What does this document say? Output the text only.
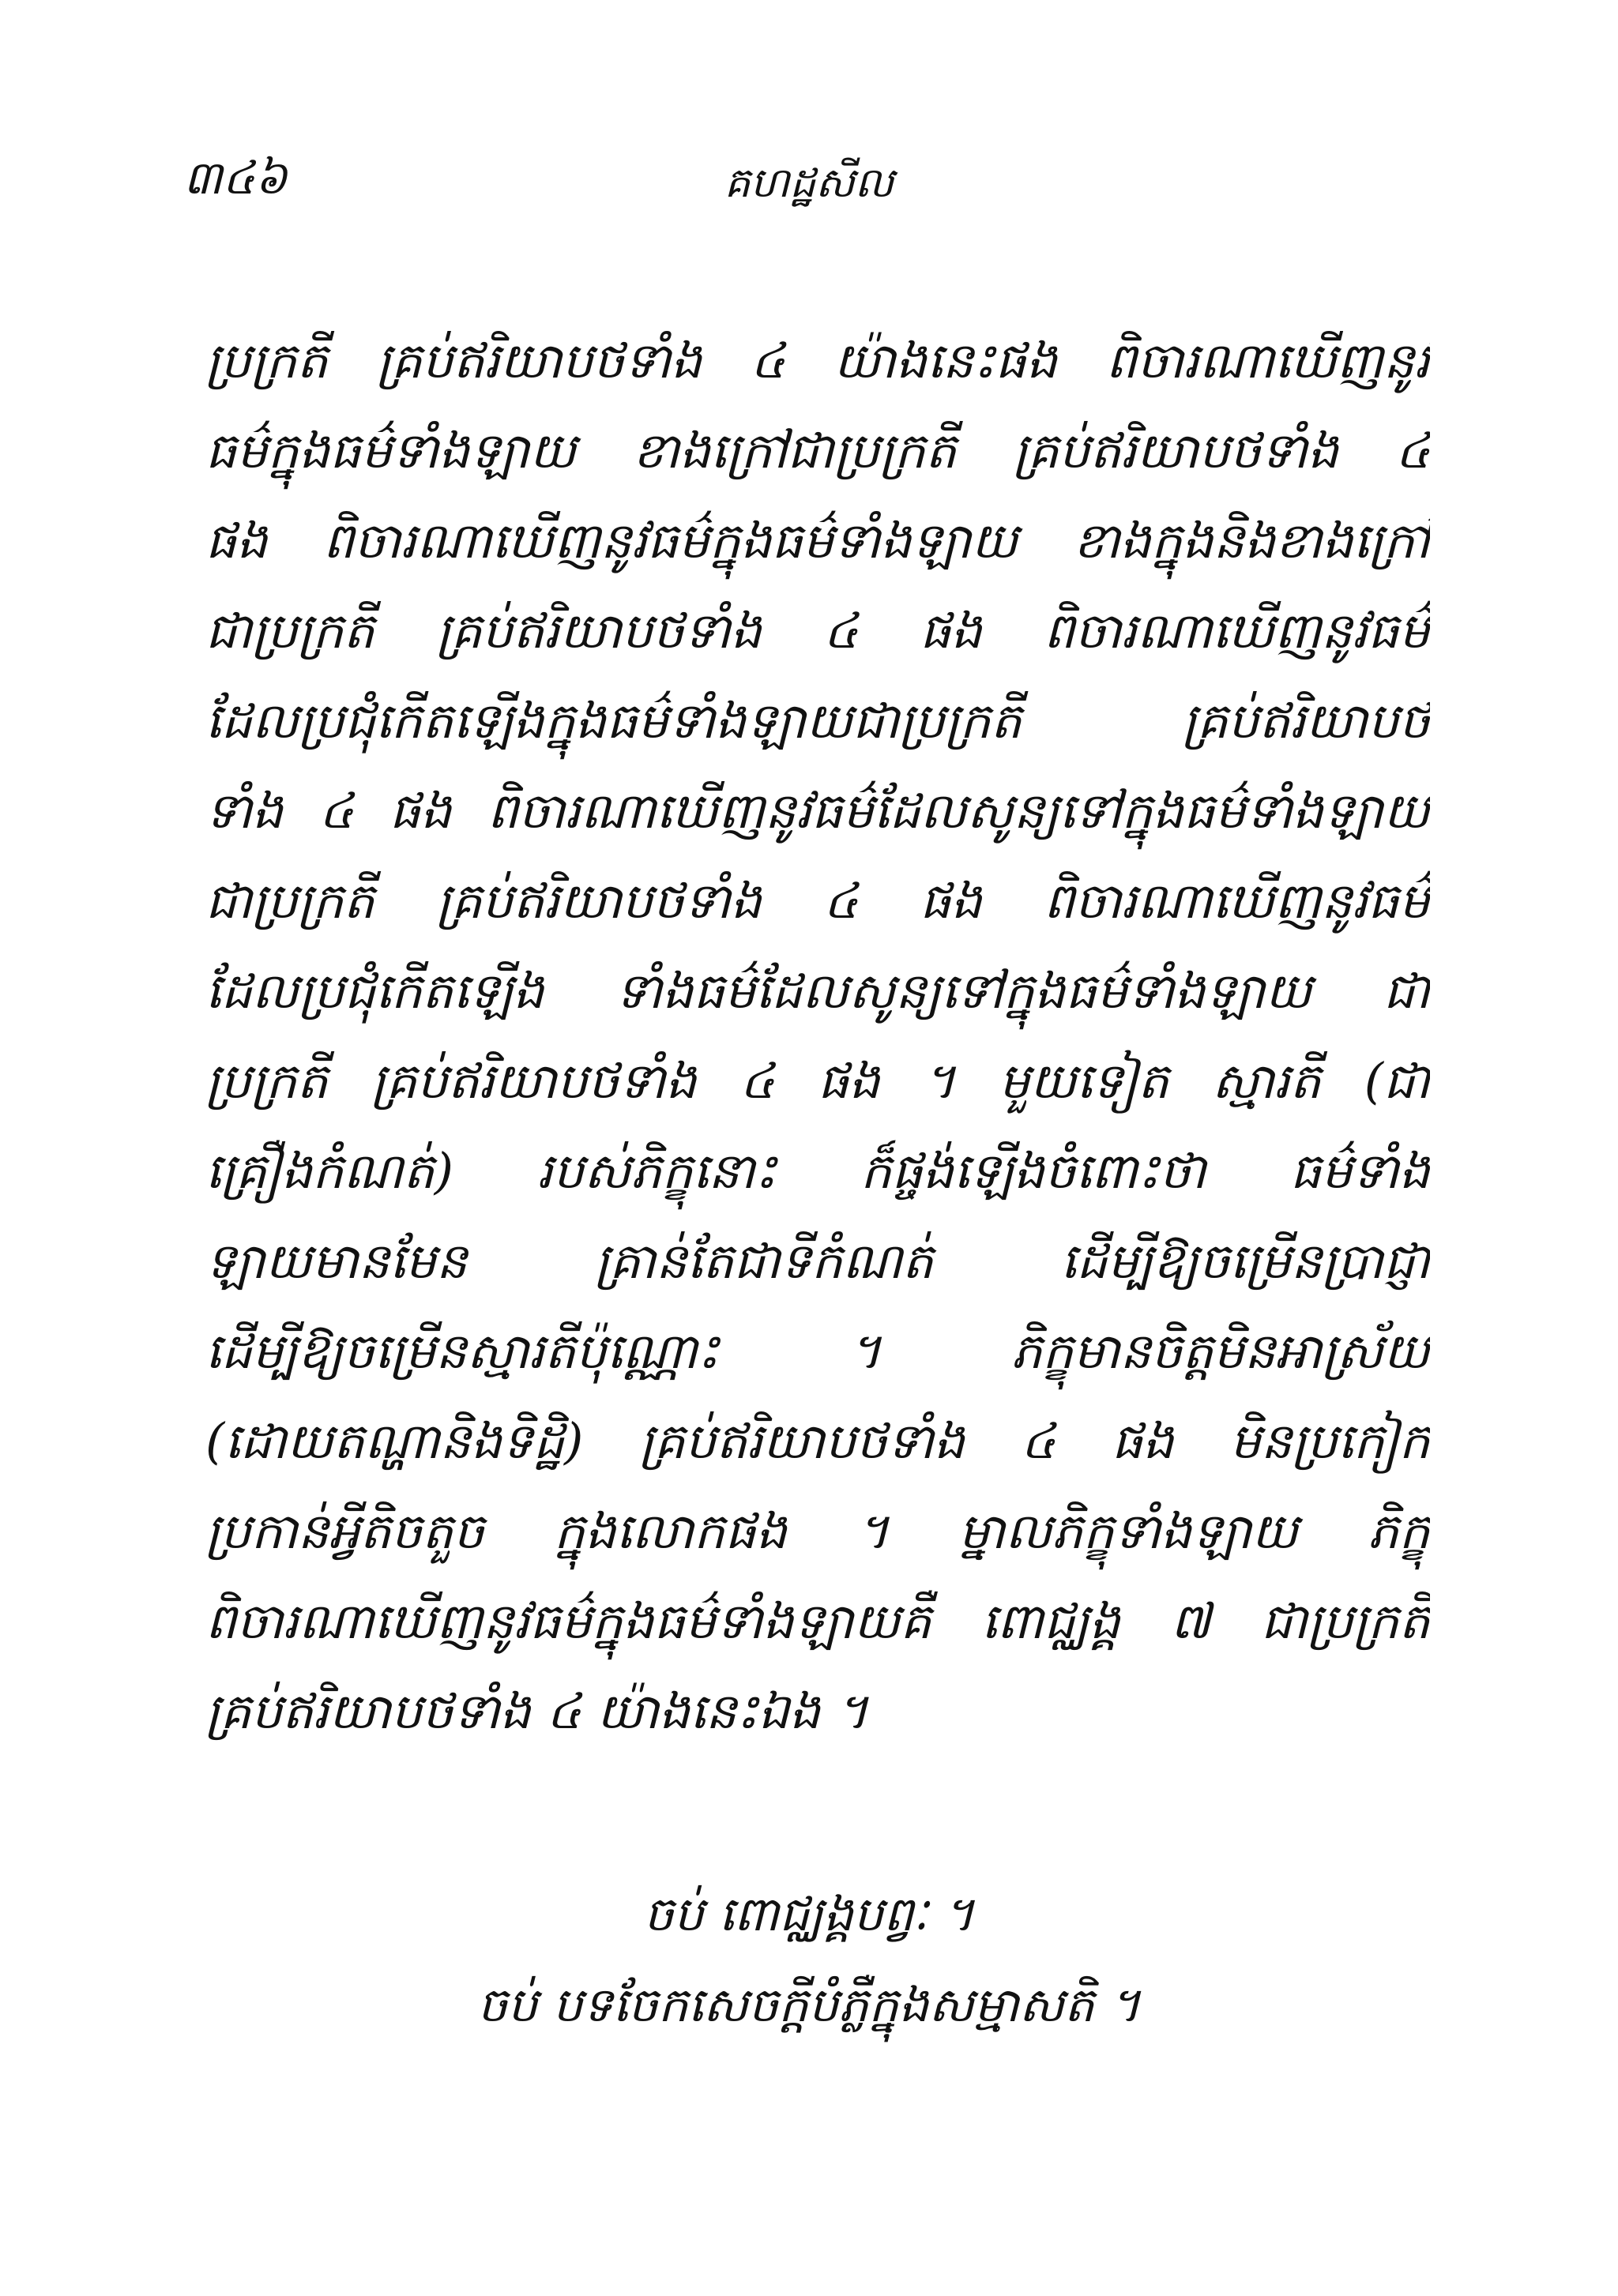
៣៤៦	គហដ្ឋសីល
ប្រក្រតី គ្រប់ឥរិយាបថទាំង ៤ យ៉ាងនេះផង ពិចារណាឃើញនូវ
ធម៌ក្នុងធម៌ទាំងឡាយ ខាងក្រៅជាប្រក្រតី គ្រប់ឥរិយាបថទាំង ៤
ផង ពិចារណាឃើញនូវធម៌ក្នុងធម៌ទាំងឡាយ ខាងក្នុងនិងខាងក្រៅ
ជាប្រក្រតី គ្រប់ឥរិយាបថទាំង ៤ ផង ពិចារណាឃើញនូវធម៌
ដែលប្រជុំកើតឡើងក្នុងធម៌ទាំងឡាយជាប្រក្រតី គ្រប់ឥរិយាបថ
ទាំង ៤ ផង ពិចារណាឃើញនូវធម៌ដែលសូន្យទៅក្នុងធម៌ទាំងឡាយ
ជាប្រក្រតី គ្រប់ឥរិយាបថទាំង ៤ ផង ពិចារណាឃើញនូវធម៌
ដែលប្រជុំកើតឡើង ទាំងធម៌ដែលសូន្យទៅក្នុងធម៌ទាំងឡាយ ជា
ប្រក្រតី គ្រប់ឥរិយាបថទាំង ៤ ផង ។ មួយទៀត ស្មារតី (ជា
គ្រឿងកំណត់) របស់ភិក្ខុនោះ ក៏ផ្ចង់ឡើងចំពោះថា ធម៌ទាំង
ឡាយមានមែន គ្រាន់តែជាទីកំណត់ ដើម្បីឱ្យចម្រើនប្រាជ្ញា
ដើម្បីឱ្យចម្រើនស្មារតីប៉ុណ្ណោះ ។ ភិក្ខុមានចិត្តមិនអាស្រ័យ
(ដោយតណ្ហានិងទិដ្ឋិ) គ្រប់ឥរិយាបថទាំង ៤ ផង មិនប្រកៀក
ប្រកាន់អ្វីតិចតួច ក្នុងលោកផង ។ ម្នាលភិក្ខុទាំងឡាយ ភិក្ខុ
ពិចារណាឃើញនូវធម៌ក្នុងធម៌ទាំងឡាយគឺ ពោជ្ឈង្គ ៧ ជាប្រក្រតី
គ្រប់ឥរិយាបថទាំង ៤ យ៉ាងនេះឯង ។
ចប់ ពោជ្ឈង្គបព្វៈ ។
ចប់ បទចែកសេចក្តីបំភ្លឺក្នុងសម្មាសតិ ។
